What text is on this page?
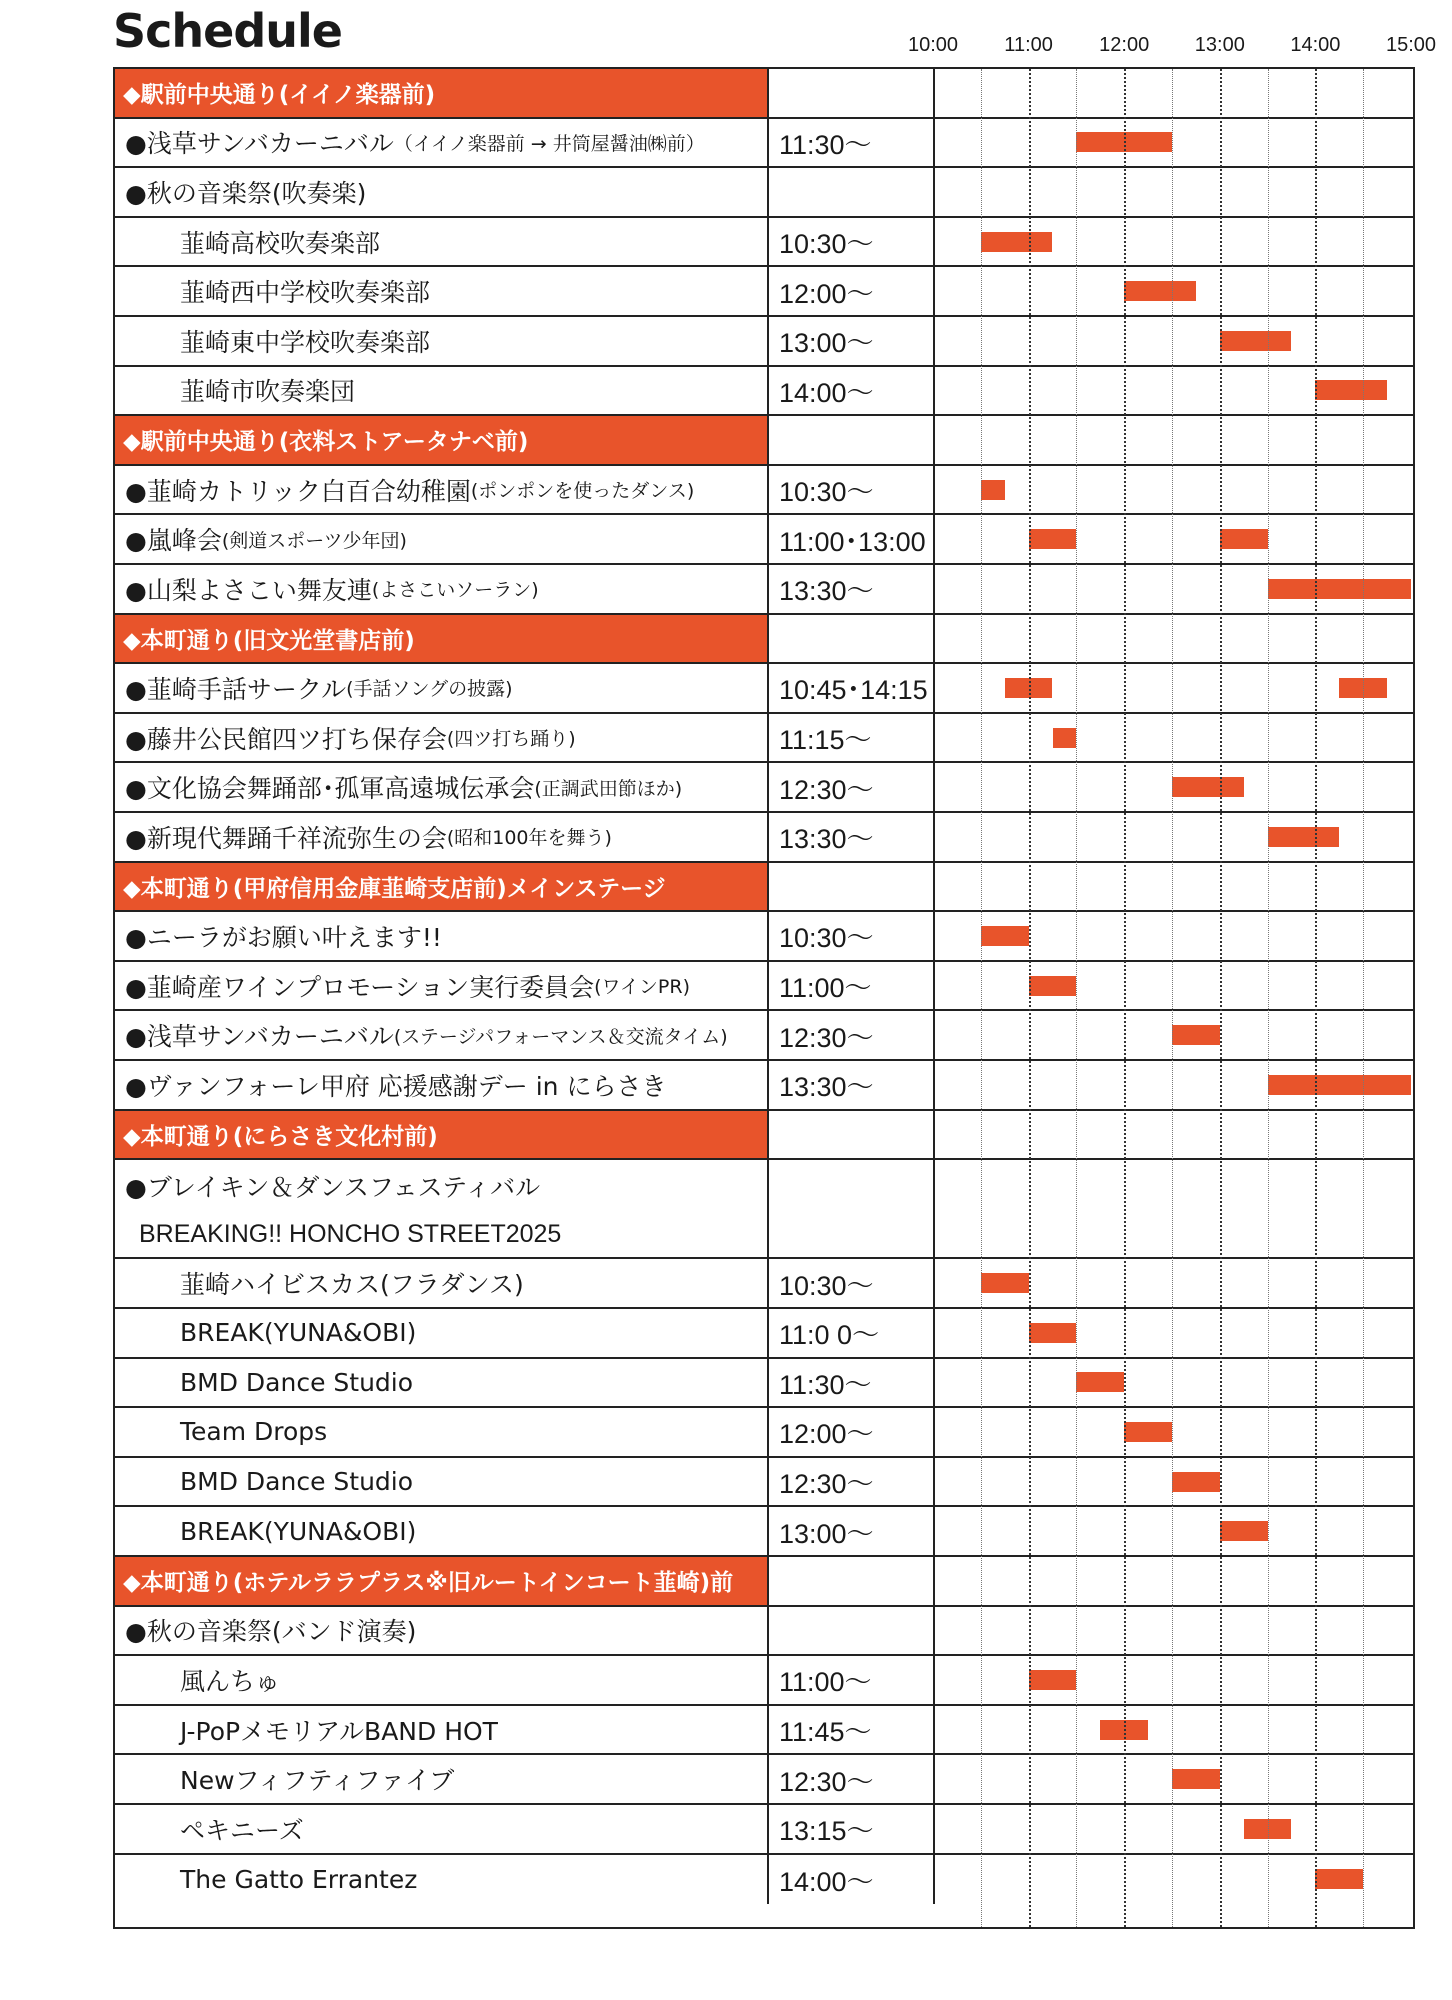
Schedule	10:00 11:00 12:00 13:00 14:00 15:00
◆駅前中央通り(イイノ楽器前)
●浅草サンバカーニバル （イイノ楽器前 → 井筒屋醤油㈱前）	11:30〜
●秋の音楽祭(吹奏楽)
韮崎高校吹奏楽部	10:30〜
韮崎西中学校吹奏楽部	12:00〜
韮崎東中学校吹奏楽部	13:00〜
韮崎市吹奏楽団	14:00〜
◆駅前中央通り(衣料ストアータナベ前)
●韮崎カトリック白百合幼稚園 (ポンポンを使ったダンス)	10:30〜
●嵐峰会 (剣道スポーツ少年団)	11:00･13:00
●山梨よさこい舞友連 (よさこいソーラン)	13:30〜
◆本町通り(旧文光堂書店前)
●韮崎手話サークル (手話ソングの披露)	10:45･14:15
●藤井公民館四ツ打ち保存会 (四ツ打ち踊り)	11:15〜
●文化協会舞踊部･孤軍高遠城伝承会 (正調武田節ほか)	12:30〜
●新現代舞踊千祥流弥生の会 (昭和100年を舞う)	13:30〜
◆本町通り(甲府信用金庫韮崎支店前)メインステージ
●ニーラがお願い叶えます!!	10:30〜
●韮崎産ワインプロモーション実行委員会 (ワインPR)	11:00〜
●浅草サンバカーニバル (ステージパフォーマンス＆交流タイム)	12:30〜
●ヴァンフォーレ甲府 応援感謝デー in にらさき	13:30〜
◆本町通り(にらさき文化村前)
●ブレイキン＆ダンスフェスティバル
BREAKING!! HONCHO STREET2025
韮崎ハイビスカス(フラダンス)	10:30〜
BREAK(YUNA&OBI)	11:0 0〜
BMD Dance Studio	11:30〜
Team Drops	12:00〜
BMD Dance Studio	12:30〜
BREAK(YUNA&OBI)	13:00〜
◆本町通り(ホテルララプラス※旧ルートインコート韮崎)前
●秋の音楽祭(バンド演奏)
風んちゅ	11:00〜
J-PoPメモリアルBAND HOT	11:45〜
Newフィフティファイブ	12:30〜
ペキニーズ	13:15〜
The Gatto Errantez	14:00〜
